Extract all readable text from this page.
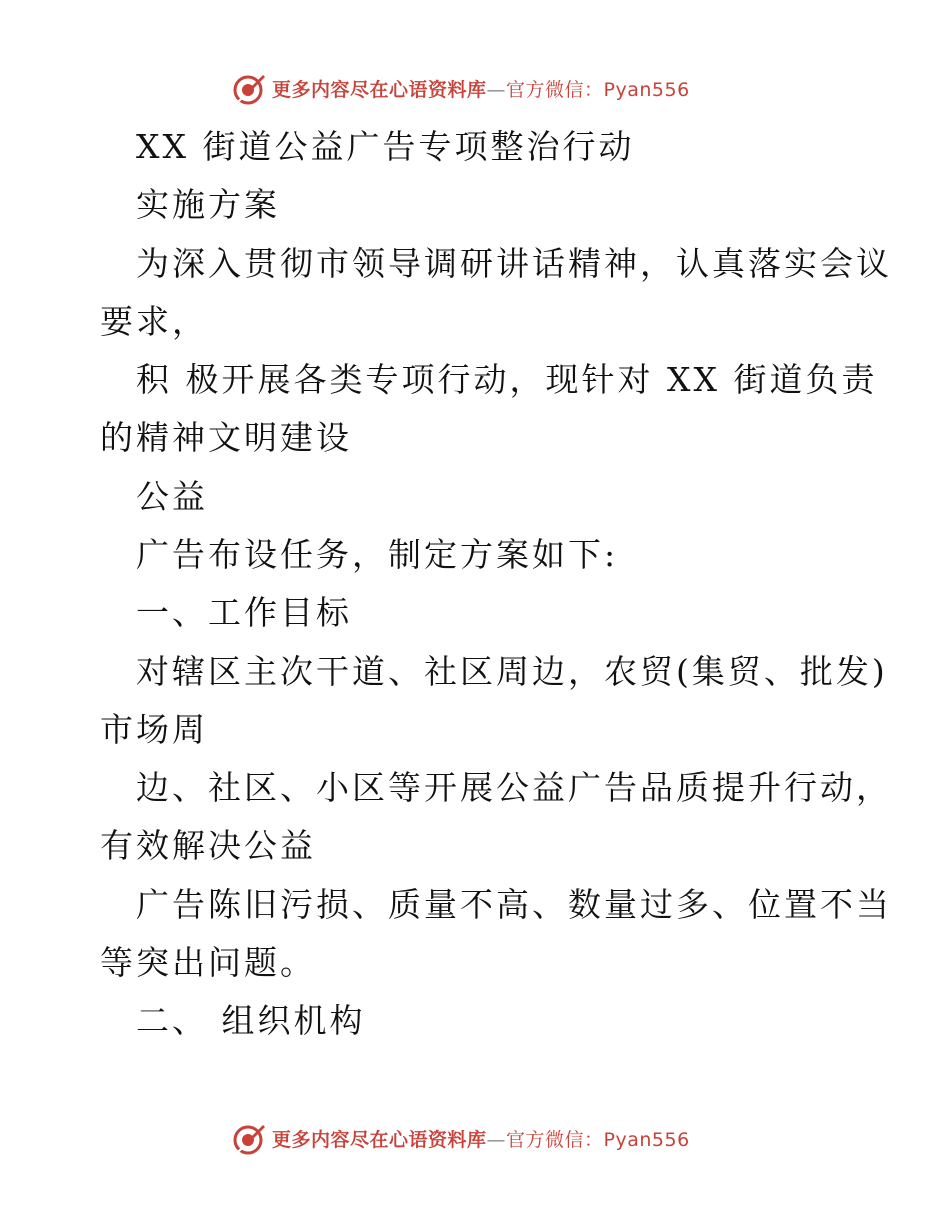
更多内容尽在心语资料库—官方微信：Pyan556
XX 街道公益广告专项整治行动
实施方案
为深入贯彻市领导调研讲话精神，认真落实会议
要求，
积 极开展各类专项行动，现针对 XX 街道负责
的精神文明建设
公益
广告布设任务，制定方案如下:
一、工作目标
对辖区主次干道、社区周边，农贸(集贸、批发)
市场周
边、社区、小区等开展公益广告品质提升行动，
有效解决公益
广告陈旧污损、质量不高、数量过多、位置不当
等突出问题。
二、 组织机构
更多内容尽在心语资料库—官方微信：Pyan556
